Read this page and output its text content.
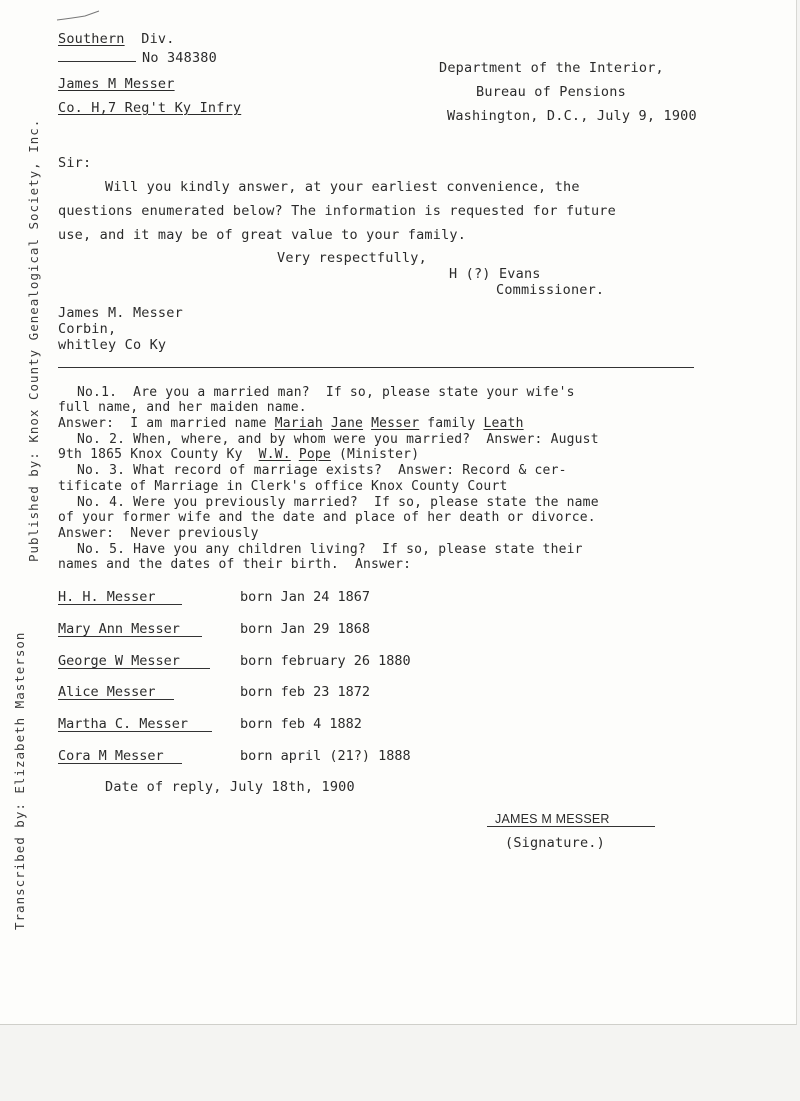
Southern Div.
No 348380
James M Messer
Co. H,7 Reg't Ky Infry
Department of the Interior,
Bureau of Pensions
Washington, D.C., July 9, 1900
Sir:
Will you kindly answer, at your earliest convenience, the
questions enumerated below? The information is requested for future
use, and it may be of great value to your family.
Very respectfully,
H (?) Evans
Commissioner.
James M. Messer
Corbin,
whitley Co Ky
No.1.  Are you a married man?  If so, please state your wife's
full name, and her maiden name.
Answer:  I am married name Mariah Jane Messer family Leath
No. 2. When, where, and by whom were you married?  Answer: August
9th 1865 Knox County Ky  W.W. Pope (Minister)
No. 3. What record of marriage exists?  Answer: Record & cer-
tificate of Marriage in Clerk's office Knox County Court
No. 4. Were you previously married?  If so, please state the name
of your former wife and the date and place of her death or divorce.
Answer:  Never previously
No. 5. Have you any children living?  If so, please state their
names and the dates of their birth.  Answer:
H. H. Messer	born Jan 24 1867
Mary Ann Messer	born Jan 29 1868
George W Messer	born february 26 1880
Alice Messer	born feb 23 1872
Martha C. Messer	born feb 4 1882
Cora M Messer	born april (21?) 1888
Date of reply, July 18th, 1900
JAMES M MESSER
(Signature.)
Published by: Knox County Genealogical Society, Inc.
Transcribed by: Elizabeth Masterson
